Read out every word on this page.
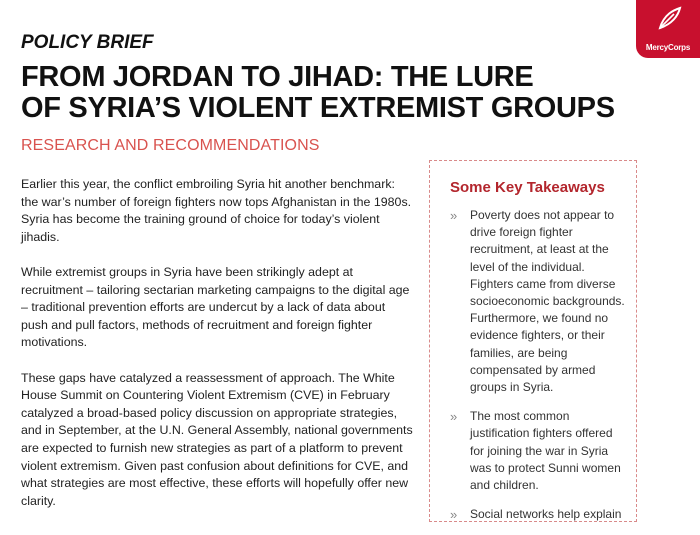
MercyCorps
POLICY BRIEF
FROM JORDAN TO JIHAD: THE LURE
OF SYRIA’S VIOLENT EXTREMIST GROUPS
RESEARCH AND RECOMMENDATIONS

Earlier this year, the conflict embroiling Syria hit another benchmark: the war’s number of foreign fighters now tops Afghanistan in the 1980s. Syria has become the training ground of choice for today’s violent jihadis.

While extremist groups in Syria have been strikingly adept at recruitment – tailoring sectarian marketing campaigns to the digital age – traditional prevention efforts are undercut by a lack of data about push and pull factors, methods of recruitment and foreign fighter motivations.

These gaps have catalyzed a reassessment of approach. The White House Summit on Countering Violent Extremism (CVE) in February catalyzed a broad-based policy discussion on appropriate strategies, and in September, at the U.N. General Assembly, national governments are expected to furnish new strategies as part of a platform to prevent violent extremism. Given past confusion about definitions for CVE, and what strategies are most effective, these efforts will hopefully offer new clarity.

Some Key Takeaways
» Poverty does not appear to drive foreign fighter recruitment, at least at the level of the individual. Fighters came from diverse socioeconomic backgrounds. Furthermore, we found no evidence fighters, or their families, are being compensated by armed groups in Syria.
» The most common justification fighters offered for joining the war in Syria was to protect Sunni women and children.
» Social networks help explain
